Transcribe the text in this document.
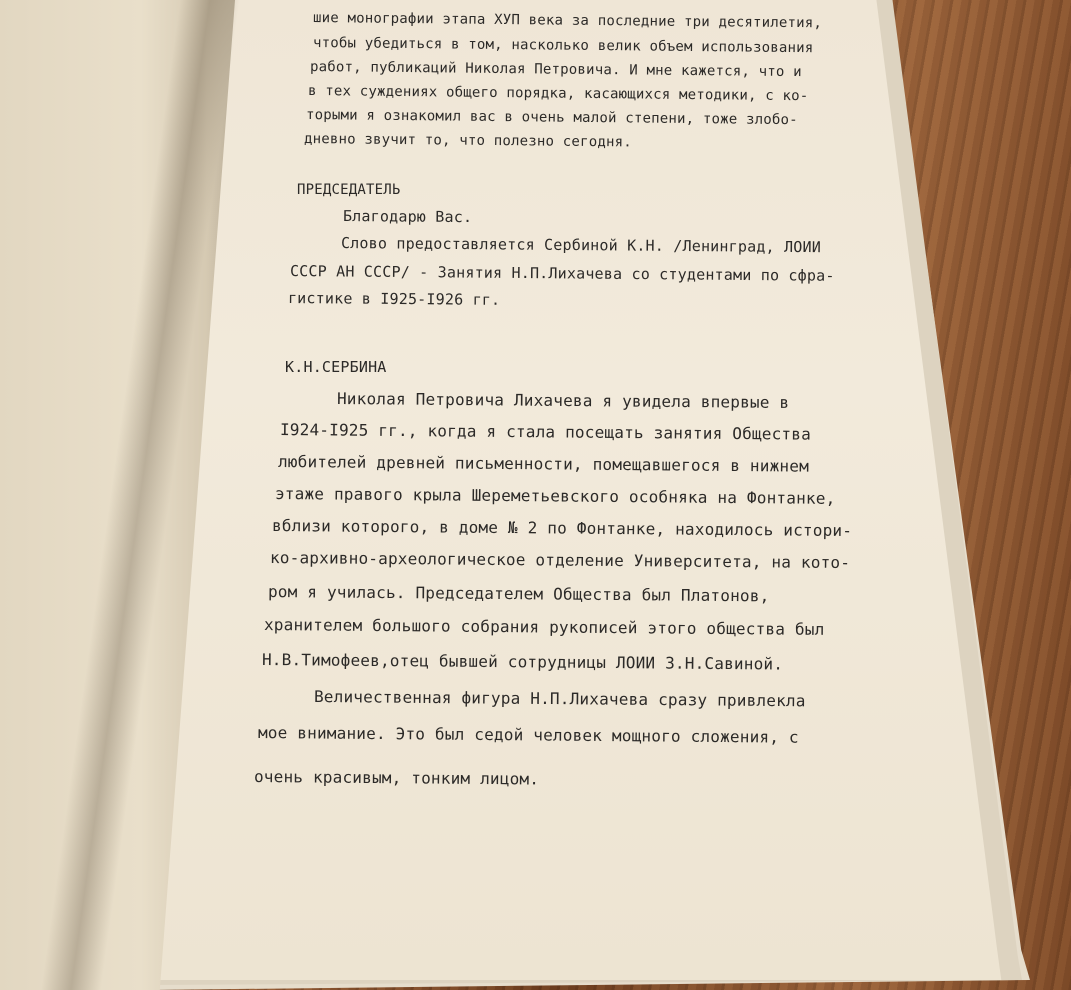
шие монографии этапа ХУП века за последние три десятилетия,

чтобы убедиться в том, насколько велик объем использования

работ, публикаций Николая Петровича. И мне кажется, что и

в тех суждениях общего порядка, касающихся методики, с ко-

торыми я ознакомил вас в очень малой степени, тоже злобо-

дневно звучит то, что полезно сегодня.

ПРЕДСЕДАТЕЛЬ

Благодарю Вас.

Слово предоставляется Сербиной К.Н. /Ленинград, ЛОИИ

СССР АН СССР/ - Занятия Н.П.Лихачева со студентами по сфра-

гистике в I925-I926 гг.

К.Н.СЕРБИНА

Николая Петровича Лихачева я увидела впервые в

I924-I925 гг., когда я стала посещать занятия Общества

любителей древней письменности, помещавшегося в нижнем

этаже правого крыла Шереметьевского особняка на Фонтанке,

вблизи которого, в доме № 2 по Фонтанке, находилось истори-

ко-архивно-археологическое отделение Университета, на кото-

ром я училась. Председателем Общества был Платонов,

хранителем большого собрания рукописей этого общества был

Н.В.Тимофеев,отец бывшей сотрудницы ЛОИИ З.Н.Савиной.

Величественная фигура Н.П.Лихачева сразу привлекла

мое внимание. Это был седой человек мощного сложения, с

очень красивым, тонким лицом.
